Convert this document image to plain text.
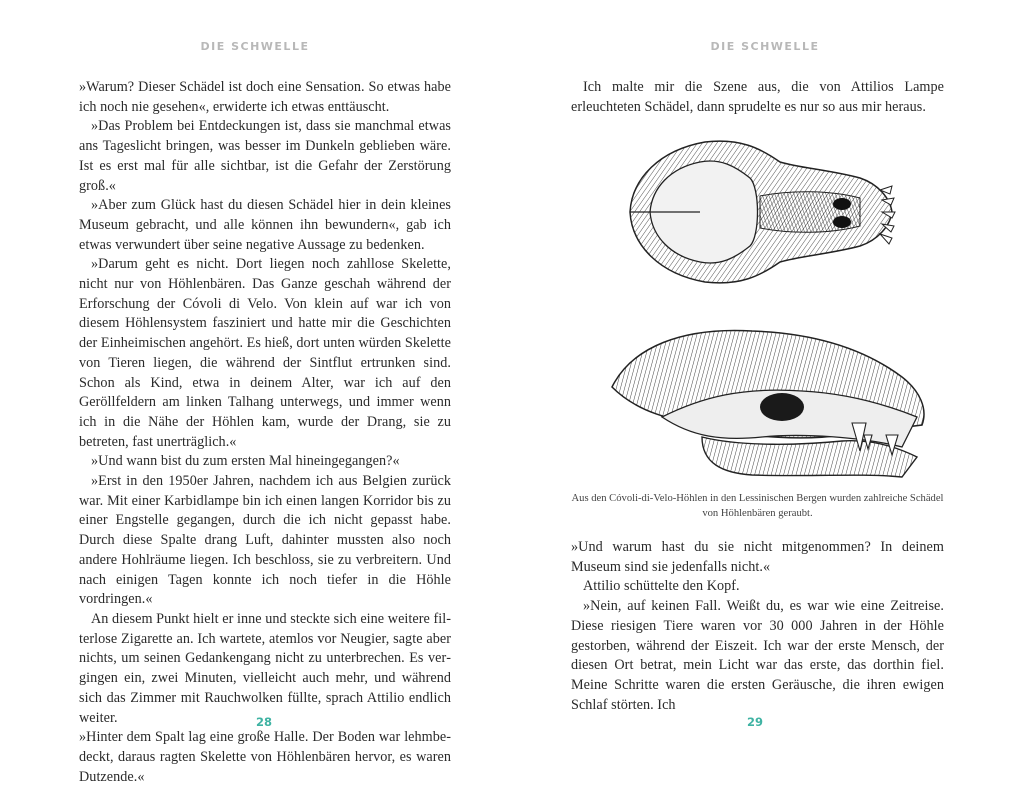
DIE SCHWELLE

»Warum? Dieser Schädel ist doch eine Sensation. So etwas habe ich noch nie gesehen«, erwiderte ich etwas enttäuscht.

»Das Problem bei Entdeckungen ist, dass sie manchmal etwas ans Tageslicht bringen, was besser im Dunkeln geblieben wäre. Ist es erst mal für alle sichtbar, ist die Gefahr der Zerstörung groß.«

»Aber zum Glück hast du diesen Schädel hier in dein kleines Museum gebracht, und alle können ihn bewundern«, gab ich etwas verwundert über seine negative Aussage zu bedenken.

»Darum geht es nicht. Dort liegen noch zahllose Skelette, nicht nur von Höhlenbären. Das Ganze geschah während der Erforschung der Cóvoli di Velo. Von klein auf war ich von diesem Höhlensystem fasziniert und hatte mir die Geschichten der Einheimischen angehört. Es hieß, dort unten würden Skelette von Tieren liegen, die während der Sintflut ertrunken sind. Schon als Kind, etwa in deinem Alter, war ich auf den Geröllfeldern am linken Talhang unterwegs, und immer wenn ich in die Nähe der Höhlen kam, wurde der Drang, sie zu betreten, fast unerträglich.«

»Und wann bist du zum ersten Mal hineingegangen?«

»Erst in den 1950er Jahren, nachdem ich aus Belgien zurück war. Mit einer Karbidlampe bin ich einen langen Korridor bis zu einer Engstelle gegangen, durch die ich nicht gepasst habe. Durch diese Spalte drang Luft, dahinter mussten also noch andere Hohlräume liegen. Ich beschloss, sie zu verbreitern. Und nach einigen Tagen konnte ich noch tiefer in die Höhle vordringen.«

An diesem Punkt hielt er inne und steckte sich eine weitere filterlose Zigarette an. Ich wartete, atemlos vor Neugier, sagte aber nichts, um seinen Gedankengang nicht zu unterbrechen. Es vergingen ein, zwei Minuten, vielleicht auch mehr, und während sich das Zimmer mit Rauchwolken füllte, sprach Attilio endlich weiter.

»Hinter dem Spalt lag eine große Halle. Der Boden war lehmbedeckt, daraus ragten Skelette von Höhlenbären hervor, es waren Dutzende.«

28
DIE SCHWELLE

Ich malte mir die Szene aus, die von Attilios Lampe erleuchteten Schädel, dann sprudelte es nur so aus mir heraus.

Aus den Cóvoli-di-Velo-Höhlen in den Lessinischen Bergen wurden zahlreiche Schädel von Höhlenbären geraubt.

»Und warum hast du sie nicht mitgenommen? In deinem Museum sind sie jedenfalls nicht.«

Attilio schüttelte den Kopf.

»Nein, auf keinen Fall. Weißt du, es war wie eine Zeitreise. Diese riesigen Tiere waren vor 30 000 Jahren in der Höhle gestorben, während der Eiszeit. Ich war der erste Mensch, der diesen Ort betrat, mein Licht war das erste, das dorthin fiel. Meine Schritte waren die ersten Geräusche, die ihren ewigen Schlaf störten. Ich

29
